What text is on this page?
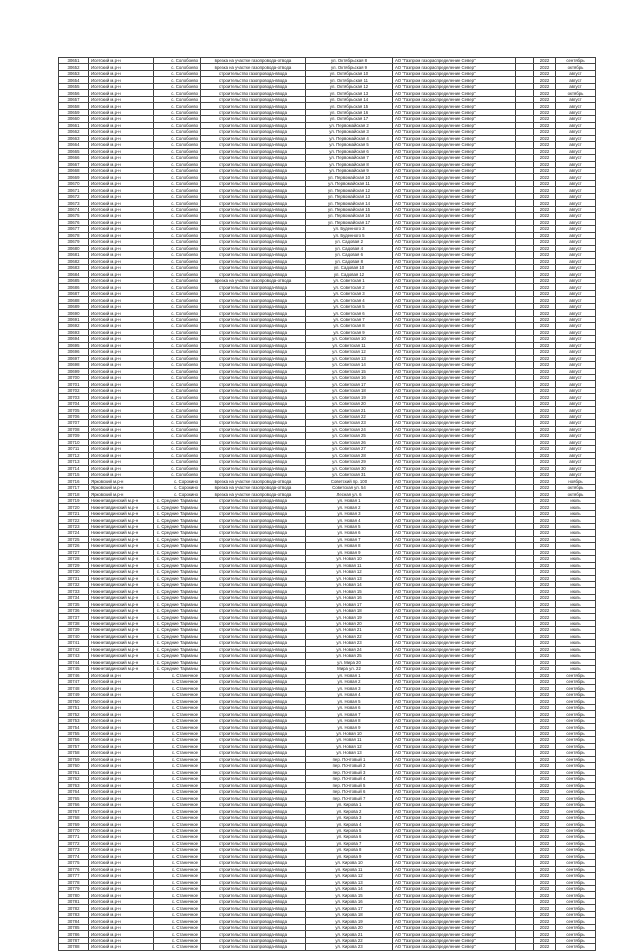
30651	Исетский м.р-н	с. Солобоево	врезка на участке газопровода-отвода	ул. Октябрьская 8	АО "Газпром газораспределение Север"		2022	сентябрь
30652	Исетский м.р-н	с. Солобоево	врезка на участке газопровода-отвода	ул. Октябрьская 9	АО "Газпром газораспределение Север"		2022	октябрь
30653	Исетский м.р-н	с. Солобоево	строительство газопровода-ввода	ул. Октябрьская 10	АО "Газпром газораспределение Север"		2022	август
30654	Исетский м.р-н	с. Солобоево	строительство газопровода-ввода	ул. Октябрьская 11	АО "Газпром газораспределение Север"		2022	август
30655	Исетский м.р-н	с. Солобоево	строительство газопровода-ввода	ул. Октябрьская 12	АО "Газпром газораспределение Север"		2022	август
30656	Исетский м.р-н	с. Солобоево	строительство газопровода-ввода	ул. Октябрьская 13	АО "Газпром газораспределение Север"		2022	октябрь
30657	Исетский м.р-н	с. Солобоево	строительство газопровода-ввода	ул. Октябрьская 14	АО "Газпром газораспределение Север"		2022	август
30658	Исетский м.р-н	с. Солобоево	строительство газопровода-ввода	ул. Октябрьская 15	АО "Газпром газораспределение Север"		2022	август
30659	Исетский м.р-н	с. Солобоево	строительство газопровода-ввода	ул. Октябрьская 16	АО "Газпром газораспределение Север"		2022	август
30660	Исетский м.р-н	с. Солобоево	строительство газопровода-ввода	ул. Октябрьская 17	АО "Газпром газораспределение Север"		2022	август
30661	Исетский м.р-н	с. Солобоево	строительство газопровода-ввода	ул. Первомайская 2	АО "Газпром газораспределение Север"		2022	август
30662	Исетский м.р-н	с. Солобоево	строительство газопровода-ввода	ул. Первомайская 3	АО "Газпром газораспределение Север"		2022	август
30663	Исетский м.р-н	с. Солобоево	строительство газопровода-ввода	ул. Первомайская 4	АО "Газпром газораспределение Север"		2022	август
30664	Исетский м.р-н	с. Солобоево	строительство газопровода-ввода	ул. Первомайская 5	АО "Газпром газораспределение Север"		2022	август
30665	Исетский м.р-н	с. Солобоево	строительство газопровода-ввода	ул. Первомайская 6	АО "Газпром газораспределение Север"		2022	август
30666	Исетский м.р-н	с. Солобоево	строительство газопровода-ввода	ул. Первомайская 7	АО "Газпром газораспределение Север"		2022	август
30667	Исетский м.р-н	с. Солобоево	строительство газопровода-ввода	ул. Первомайская 8	АО "Газпром газораспределение Север"		2022	август
30668	Исетский м.р-н	с. Солобоево	строительство газопровода-ввода	ул. Первомайская 9	АО "Газпром газораспределение Север"		2022	август
30669	Исетский м.р-н	с. Солобоево	строительство газопровода-ввода	ул. Первомайская 10	АО "Газпром газораспределение Север"		2022	август
30670	Исетский м.р-н	с. Солобоево	строительство газопровода-ввода	ул. Первомайская 11	АО "Газпром газораспределение Север"		2022	август
30671	Исетский м.р-н	с. Солобоево	строительство газопровода-ввода	ул. Первомайская 12	АО "Газпром газораспределение Север"		2022	август
30672	Исетский м.р-н	с. Солобоево	строительство газопровода-ввода	ул. Первомайская 13	АО "Газпром газораспределение Север"		2022	август
30673	Исетский м.р-н	с. Солобоево	строительство газопровода-ввода	ул. Первомайская 14	АО "Газпром газораспределение Север"		2022	август
30674	Исетский м.р-н	с. Солобоево	строительство газопровода-ввода	ул. Первомайская 15	АО "Газпром газораспределение Север"		2022	август
30675	Исетский м.р-н	с. Солобоево	строительство газопровода-ввода	ул. Первомайская 16	АО "Газпром газораспределение Север"		2022	август
30676	Исетский м.р-н	с. Солобоево	строительство газопровода-ввода	ул. Первомайская 17	АО "Газпром газораспределение Север"		2022	август
30677	Исетский м.р-н	с. Солобоево	строительство газопровода-ввода	ул. Буденного 3	АО "Газпром газораспределение Север"		2022	август
30678	Исетский м.р-н	с. Солобоево	строительство газопровода-ввода	ул. Буденного 5	АО "Газпром газораспределение Север"		2022	август
30679	Исетский м.р-н	с. Солобоево	строительство газопровода-ввода	ул. Садовая 2	АО "Газпром газораспределение Север"		2022	август
30680	Исетский м.р-н	с. Солобоево	строительство газопровода-ввода	ул. Садовая 4	АО "Газпром газораспределение Север"		2022	август
30681	Исетский м.р-н	с. Солобоево	строительство газопровода-ввода	ул. Садовая 6	АО "Газпром газораспределение Север"		2022	август
30682	Исетский м.р-н	с. Солобоево	строительство газопровода-ввода	ул. Садовая 8	АО "Газпром газораспределение Север"		2022	август
30683	Исетский м.р-н	с. Солобоево	строительство газопровода-ввода	ул. Садовая 10	АО "Газпром газораспределение Север"		2022	август
30684	Исетский м.р-н	с. Солобоево	строительство газопровода-ввода	ул. Садовая 12	АО "Газпром газораспределение Север"		2022	август
30685	Исетский м.р-н	с. Солобоево	врезка на участке газопровода-отвода	ул. Советская 1	АО "Газпром газораспределение Север"		2022	август
30686	Исетский м.р-н	с. Солобоево	строительство газопровода-ввода	ул. Советская 2	АО "Газпром газораспределение Север"		2022	август
30687	Исетский м.р-н	с. Солобоево	строительство газопровода-ввода	ул. Советская 3	АО "Газпром газораспределение Север"		2022	август
30688	Исетский м.р-н	с. Солобоево	строительство газопровода-ввода	ул. Советская 4	АО "Газпром газораспределение Север"		2022	август
30689	Исетский м.р-н	с. Солобоево	строительство газопровода-ввода	ул. Советская 5	АО "Газпром газораспределение Север"		2022	август
30690	Исетский м.р-н	с. Солобоево	строительство газопровода-ввода	ул. Советская 6	АО "Газпром газораспределение Север"		2022	август
30691	Исетский м.р-н	с. Солобоево	строительство газопровода-ввода	ул. Советская 7	АО "Газпром газораспределение Север"		2022	август
30692	Исетский м.р-н	с. Солобоево	строительство газопровода-ввода	ул. Советская 8	АО "Газпром газораспределение Север"		2022	август
30693	Исетский м.р-н	с. Солобоево	строительство газопровода-ввода	ул. Советская 9	АО "Газпром газораспределение Север"		2022	август
30694	Исетский м.р-н	с. Солобоево	строительство газопровода-ввода	ул. Советская 10	АО "Газпром газораспределение Север"		2022	август
30695	Исетский м.р-н	с. Солобоево	строительство газопровода-ввода	ул. Советская 11	АО "Газпром газораспределение Север"		2022	август
30696	Исетский м.р-н	с. Солобоево	строительство газопровода-ввода	ул. Советская 12	АО "Газпром газораспределение Север"		2022	август
30697	Исетский м.р-н	с. Солобоево	строительство газопровода-ввода	ул. Советская 13	АО "Газпром газораспределение Север"		2022	август
30698	Исетский м.р-н	с. Солобоево	строительство газопровода-ввода	ул. Советская 14	АО "Газпром газораспределение Север"		2022	август
30699	Исетский м.р-н	с. Солобоево	строительство газопровода-ввода	ул. Советская 15	АО "Газпром газораспределение Север"		2022	август
30700	Исетский м.р-н	с. Солобоево	строительство газопровода-ввода	ул. Советская 16	АО "Газпром газораспределение Север"		2022	август
30701	Исетский м.р-н	с. Солобоево	строительство газопровода-ввода	ул. Советская 17	АО "Газпром газораспределение Север"		2022	август
30702	Исетский м.р-н	с. Солобоево	строительство газопровода-ввода	ул. Советская 18	АО "Газпром газораспределение Север"		2022	август
30703	Исетский м.р-н	с. Солобоево	строительство газопровода-ввода	ул. Советская 19	АО "Газпром газораспределение Север"		2022	август
30704	Исетский м.р-н	с. Солобоево	строительство газопровода-ввода	ул. Советская 20	АО "Газпром газораспределение Север"		2022	август
30705	Исетский м.р-н	с. Солобоево	строительство газопровода-ввода	ул. Советская 21	АО "Газпром газораспределение Север"		2022	август
30706	Исетский м.р-н	с. Солобоево	строительство газопровода-ввода	ул. Советская 22	АО "Газпром газораспределение Север"		2022	август
30707	Исетский м.р-н	с. Солобоево	строительство газопровода-ввода	ул. Советская 23	АО "Газпром газораспределение Север"		2022	август
30708	Исетский м.р-н	с. Солобоево	строительство газопровода-ввода	ул. Советская 24	АО "Газпром газораспределение Север"		2022	август
30709	Исетский м.р-н	с. Солобоево	строительство газопровода-ввода	ул. Советская 25	АО "Газпром газораспределение Север"		2022	август
30710	Исетский м.р-н	с. Солобоево	строительство газопровода-ввода	ул. Советская 26	АО "Газпром газораспределение Север"		2022	август
30711	Исетский м.р-н	с. Солобоево	строительство газопровода-ввода	ул. Советская 27	АО "Газпром газораспределение Север"		2022	август
30712	Исетский м.р-н	с. Солобоево	строительство газопровода-ввода	ул. Советская 28	АО "Газпром газораспределение Север"		2022	август
30713	Исетский м.р-н	с. Солобоево	строительство газопровода-ввода	ул. Советская 29	АО "Газпром газораспределение Север"		2022	август
30714	Исетский м.р-н	с. Солобоево	строительство газопровода-ввода	ул. Советская 30	АО "Газпром газораспределение Север"		2022	август
30715	Исетский м.р-н	с. Солобоево	строительство газопровода-ввода	ул. Советская 31	АО "Газпром газораспределение Север"		2022	август
30716	Ярковский м.р-н	с. Сорокино	врезка на участке газопровода-отвода	Советский пр. 100	АО "Газпром газораспределение Север"		2022	ноябрь
30717	Ярковский м.р-н	с. Сорокино	врезка на участке газопровода-отвода	Советская ул. 54	АО "Газпром газораспределение Север"		2022	октябрь
30718	Ярковский м.р-н	с. Сорокино	врезка на участке газопровода-отвода	Лесная ул. 6	АО "Газпром газораспределение Север"		2022	октябрь
30719	Нижнетавдинский м.р-н	с. Средние Тарманы	строительство газопровода-ввода	ул. Новая 1	АО "Газпром газораспределение Север"		2022	июль
30720	Нижнетавдинский м.р-н	с. Средние Тарманы	строительство газопровода-ввода	ул. Новая 2	АО "Газпром газораспределение Север"		2022	июль
30721	Нижнетавдинский м.р-н	с. Средние Тарманы	строительство газопровода-ввода	ул. Новая 3	АО "Газпром газораспределение Север"		2022	июль
30722	Нижнетавдинский м.р-н	с. Средние Тарманы	строительство газопровода-ввода	ул. Новая 4	АО "Газпром газораспределение Север"		2022	июль
30723	Нижнетавдинский м.р-н	с. Средние Тарманы	строительство газопровода-ввода	ул. Новая 5	АО "Газпром газораспределение Север"		2022	июль
30724	Нижнетавдинский м.р-н	с. Средние Тарманы	строительство газопровода-ввода	ул. Новая 6	АО "Газпром газораспределение Север"		2022	июль
30725	Нижнетавдинский м.р-н	с. Средние Тарманы	строительство газопровода-ввода	ул. Новая 7	АО "Газпром газораспределение Север"		2022	июль
30726	Нижнетавдинский м.р-н	с. Средние Тарманы	строительство газопровода-ввода	ул. Новая 8	АО "Газпром газораспределение Север"		2022	июль
30727	Нижнетавдинский м.р-н	с. Средние Тарманы	строительство газопровода-ввода	ул. Новая 9	АО "Газпром газораспределение Север"		2022	июль
30728	Нижнетавдинский м.р-н	с. Средние Тарманы	строительство газопровода-ввода	ул. Новая 10	АО "Газпром газораспределение Север"		2022	июль
30729	Нижнетавдинский м.р-н	с. Средние Тарманы	строительство газопровода-ввода	ул. Новая 11	АО "Газпром газораспределение Север"		2022	июль
30730	Нижнетавдинский м.р-н	с. Средние Тарманы	строительство газопровода-ввода	ул. Новая 12	АО "Газпром газораспределение Север"		2022	июль
30731	Нижнетавдинский м.р-н	с. Средние Тарманы	строительство газопровода-ввода	ул. Новая 13	АО "Газпром газораспределение Север"		2022	июль
30732	Нижнетавдинский м.р-н	с. Средние Тарманы	строительство газопровода-ввода	ул. Новая 14	АО "Газпром газораспределение Север"		2022	июль
30733	Нижнетавдинский м.р-н	с. Средние Тарманы	строительство газопровода-ввода	ул. Новая 15	АО "Газпром газораспределение Север"		2022	июль
30734	Нижнетавдинский м.р-н	с. Средние Тарманы	строительство газопровода-ввода	ул. Новая 16	АО "Газпром газораспределение Север"		2022	июль
30735	Нижнетавдинский м.р-н	с. Средние Тарманы	строительство газопровода-ввода	ул. Новая 17	АО "Газпром газораспределение Север"		2022	июль
30736	Нижнетавдинский м.р-н	с. Средние Тарманы	строительство газопровода-ввода	ул. Новая 18	АО "Газпром газораспределение Север"		2022	июль
30737	Нижнетавдинский м.р-н	с. Средние Тарманы	строительство газопровода-ввода	ул. Новая 19	АО "Газпром газораспределение Север"		2022	июль
30738	Нижнетавдинский м.р-н	с. Средние Тарманы	строительство газопровода-ввода	ул. Новая 20	АО "Газпром газораспределение Север"		2022	июль
30739	Нижнетавдинский м.р-н	с. Средние Тарманы	строительство газопровода-ввода	ул. Новая 21	АО "Газпром газораспределение Север"		2022	июль
30740	Нижнетавдинский м.р-н	с. Средние Тарманы	строительство газопровода-ввода	ул. Новая 22	АО "Газпром газораспределение Север"		2022	июль
30741	Нижнетавдинский м.р-н	с. Средние Тарманы	строительство газопровода-ввода	ул. Новая 23	АО "Газпром газораспределение Север"		2022	июль
30742	Нижнетавдинский м.р-н	с. Средние Тарманы	строительство газопровода-ввода	ул. Новая 24	АО "Газпром газораспределение Север"		2022	июль
30743	Нижнетавдинский м.р-н	с. Средние Тарманы	строительство газопровода-ввода	ул. Новая 25	АО "Газпром газораспределение Север"		2022	июль
30744	Нижнетавдинский м.р-н	с. Средние Тарманы	строительство газопровода-ввода	ул. Мира 20	АО "Газпром газораспределение Север"		2022	июль
30745	Нижнетавдинский м.р-н	с. Средние Тарманы	строительство газопровода-ввода	Мира ул. 22	АО "Газпром газораспределение Север"		2022	июль
30746	Исетский м.р-н	с. Станичное	строительство газопровода-ввода	ул. Новая 1	АО "Газпром газораспределение Север"		2022	сентябрь
30747	Исетский м.р-н	с. Станичное	строительство газопровода-ввода	ул. Новая 2	АО "Газпром газораспределение Север"		2022	сентябрь
30748	Исетский м.р-н	с. Станичное	строительство газопровода-ввода	ул. Новая 3	АО "Газпром газораспределение Север"		2022	сентябрь
30749	Исетский м.р-н	с. Станичное	строительство газопровода-ввода	ул. Новая 4	АО "Газпром газораспределение Север"		2022	сентябрь
30750	Исетский м.р-н	с. Станичное	строительство газопровода-ввода	ул. Новая 5	АО "Газпром газораспределение Север"		2022	сентябрь
30751	Исетский м.р-н	с. Станичное	строительство газопровода-ввода	ул. Новая 6	АО "Газпром газораспределение Север"		2022	сентябрь
30752	Исетский м.р-н	с. Станичное	строительство газопровода-ввода	ул. Новая 7	АО "Газпром газораспределение Север"		2022	сентябрь
30753	Исетский м.р-н	с. Станичное	строительство газопровода-ввода	ул. Новая 8	АО "Газпром газораспределение Север"		2022	сентябрь
30754	Исетский м.р-н	с. Станичное	строительство газопровода-ввода	ул. Новая 9	АО "Газпром газораспределение Север"		2022	сентябрь
30755	Исетский м.р-н	с. Станичное	строительство газопровода-ввода	ул. Новая 10	АО "Газпром газораспределение Север"		2022	сентябрь
30756	Исетский м.р-н	с. Станичное	строительство газопровода-ввода	ул. Новая 11	АО "Газпром газораспределение Север"		2022	сентябрь
30757	Исетский м.р-н	с. Станичное	строительство газопровода-ввода	ул. Новая 12	АО "Газпром газораспределение Север"		2022	сентябрь
30758	Исетский м.р-н	с. Станичное	строительство газопровода-ввода	ул. Новая 13	АО "Газпром газораспределение Север"		2022	сентябрь
30759	Исетский м.р-н	с. Станичное	строительство газопровода-ввода	пер. Почтовый 1	АО "Газпром газораспределение Север"		2022	сентябрь
30760	Исетский м.р-н	с. Станичное	строительство газопровода-ввода	пер. Почтовый 2	АО "Газпром газораспределение Север"		2022	сентябрь
30761	Исетский м.р-н	с. Станичное	строительство газопровода-ввода	пер. Почтовый 3	АО "Газпром газораспределение Север"		2022	сентябрь
30762	Исетский м.р-н	с. Станичное	строительство газопровода-ввода	пер. Почтовый 4	АО "Газпром газораспределение Север"		2022	сентябрь
30763	Исетский м.р-н	с. Станичное	строительство газопровода-ввода	пер. Почтовый 5	АО "Газпром газораспределение Север"		2022	сентябрь
30764	Исетский м.р-н	с. Станичное	строительство газопровода-ввода	пер. Почтовый 6	АО "Газпром газораспределение Север"		2022	сентябрь
30765	Исетский м.р-н	с. Станичное	строительство газопровода-ввода	пер. Почтовый 7	АО "Газпром газораспределение Север"		2022	сентябрь
30766	Исетский м.р-н	с. Станичное	строительство газопровода-ввода	ул. Кирова 1	АО "Газпром газораспределение Север"		2022	сентябрь
30767	Исетский м.р-н	с. Станичное	строительство газопровода-ввода	ул. Кирова 2	АО "Газпром газораспределение Север"		2022	сентябрь
30768	Исетский м.р-н	с. Станичное	строительство газопровода-ввода	ул. Кирова 3	АО "Газпром газораспределение Север"		2022	сентябрь
30769	Исетский м.р-н	с. Станичное	строительство газопровода-ввода	ул. Кирова 4	АО "Газпром газораспределение Север"		2022	сентябрь
30770	Исетский м.р-н	с. Станичное	строительство газопровода-ввода	ул. Кирова 5	АО "Газпром газораспределение Север"		2022	сентябрь
30771	Исетский м.р-н	с. Станичное	строительство газопровода-ввода	ул. Кирова 6	АО "Газпром газораспределение Север"		2022	сентябрь
30772	Исетский м.р-н	с. Станичное	строительство газопровода-ввода	ул. Кирова 7	АО "Газпром газораспределение Север"		2022	сентябрь
30773	Исетский м.р-н	с. Станичное	строительство газопровода-ввода	ул. Кирова 8	АО "Газпром газораспределение Север"		2022	сентябрь
30774	Исетский м.р-н	с. Станичное	строительство газопровода-ввода	ул. Кирова 9	АО "Газпром газораспределение Север"		2022	сентябрь
30775	Исетский м.р-н	с. Станичное	строительство газопровода-ввода	ул. Кирова 10	АО "Газпром газораспределение Север"		2022	сентябрь
30776	Исетский м.р-н	с. Станичное	строительство газопровода-ввода	ул. Кирова 11	АО "Газпром газораспределение Север"		2022	сентябрь
30777	Исетский м.р-н	с. Станичное	строительство газопровода-ввода	ул. Кирова 12	АО "Газпром газораспределение Север"		2022	сентябрь
30778	Исетский м.р-н	с. Станичное	строительство газопровода-ввода	ул. Кирова 13	АО "Газпром газораспределение Север"		2022	сентябрь
30779	Исетский м.р-н	с. Станичное	строительство газопровода-ввода	ул. Кирова 14	АО "Газпром газораспределение Север"		2022	сентябрь
30780	Исетский м.р-н	с. Станичное	строительство газопровода-ввода	ул. Кирова 15	АО "Газпром газораспределение Север"		2022	сентябрь
30781	Исетский м.р-н	с. Станичное	строительство газопровода-ввода	ул. Кирова 16	АО "Газпром газораспределение Север"		2022	сентябрь
30782	Исетский м.р-н	с. Станичное	строительство газопровода-ввода	ул. Кирова 17	АО "Газпром газораспределение Север"		2022	сентябрь
30783	Исетский м.р-н	с. Станичное	строительство газопровода-ввода	ул. Кирова 18	АО "Газпром газораспределение Север"		2022	сентябрь
30784	Исетский м.р-н	с. Станичное	строительство газопровода-ввода	ул. Кирова 19	АО "Газпром газораспределение Север"		2022	сентябрь
30785	Исетский м.р-н	с. Станичное	строительство газопровода-ввода	ул. Кирова 20	АО "Газпром газораспределение Север"		2022	сентябрь
30786	Исетский м.р-н	с. Станичное	строительство газопровода-ввода	ул. Кирова 21	АО "Газпром газораспределение Север"		2022	сентябрь
30787	Исетский м.р-н	с. Станичное	строительство газопровода-ввода	ул. Кирова 22	АО "Газпром газораспределение Север"		2022	сентябрь
30788	Исетский м.р-н	с. Станичное	строительство газопровода-ввода	ул. Кирова 23	АО "Газпром газораспределение Север"		2022	сентябрь
